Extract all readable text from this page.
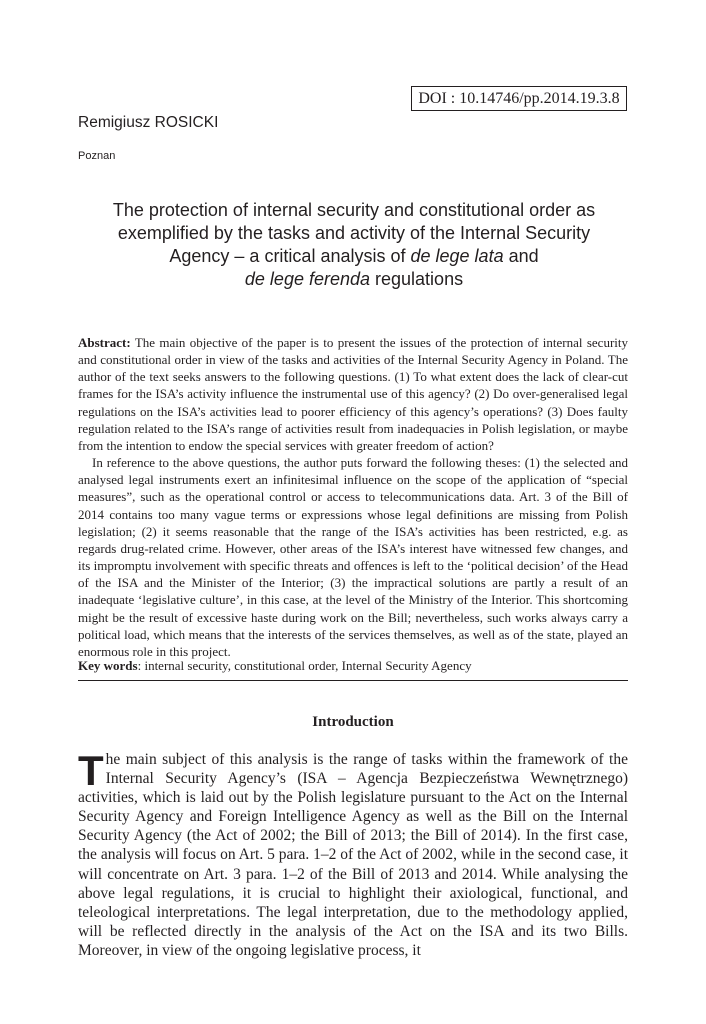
DOI : 10.14746/pp.2014.19.3.8
Remigiusz ROSICKI
Poznan
The protection of internal security and constitutional order as exemplified by the tasks and activity of the Internal Security Agency – a critical analysis of de lege lata and
de lege ferenda regulations

Abstract: The main objective of the paper is to present the issues of the protection of internal security and constitutional order in view of the tasks and activities of the Internal Security Agency in Poland. The author of the text seeks answers to the following questions. (1) To what extent does the lack of clear-cut frames for the ISA’s activity influence the instrumental use of this agency? (2) Do over-generalised legal regulations on the ISA’s activities lead to poorer efficiency of this agency’s operations? (3) Does faulty regulation related to the ISA’s range of activities result from inadequacies in Polish legislation, or maybe from the intention to endow the special services with greater freedom of action?

In reference to the above questions, the author puts forward the following theses: (1) the selected and analysed legal instruments exert an infinitesimal influence on the scope of the application of “special measures”, such as the operational control or access to telecommunications data. Art. 3 of the Bill of 2014 contains too many vague terms or expressions whose legal definitions are missing from Polish legislation; (2) it seems reasonable that the range of the ISA’s activities has been restricted, e.g. as regards drug-related crime. However, other areas of the ISA’s interest have witnessed few changes, and its impromptu involvement with specific threats and offences is left to the ‘political decision’ of the Head of the ISA and the Minister of the Interior; (3) the impractical solutions are partly a result of an inadequate ‘legislative culture’, in this case, at the level of the Ministry of the Interior. This shortcoming might be the result of excessive haste during work on the Bill; nevertheless, such works always carry a political load, which means that the interests of the services themselves, as well as of the state, played an enormous role in this project.

Key words: internal security, constitutional order, Internal Security Agency
Introduction

The main subject of this analysis is the range of tasks within the framework of the Internal Security Agency’s (ISA – Agencja Bezpieczeństwa Wewnętrznego) activities, which is laid out by the Polish legislature pursuant to the Act on the Internal Security Agency and Foreign Intelligence Agency as well as the Bill on the Internal Security Agency (the Act of 2002; the Bill of 2013; the Bill of 2014). In the first case, the analysis will focus on Art. 5 para. 1–2 of the Act of 2002, while in the second case, it will concentrate on Art. 3 para. 1–2 of the Bill of 2013 and 2014. While analysing the above legal regulations, it is crucial to highlight their axiological, functional, and teleological interpretations. The legal interpretation, due to the methodology applied, will be reflected directly in the analysis of the Act on the ISA and its two Bills. Moreover, in view of the ongoing legislative process, it
